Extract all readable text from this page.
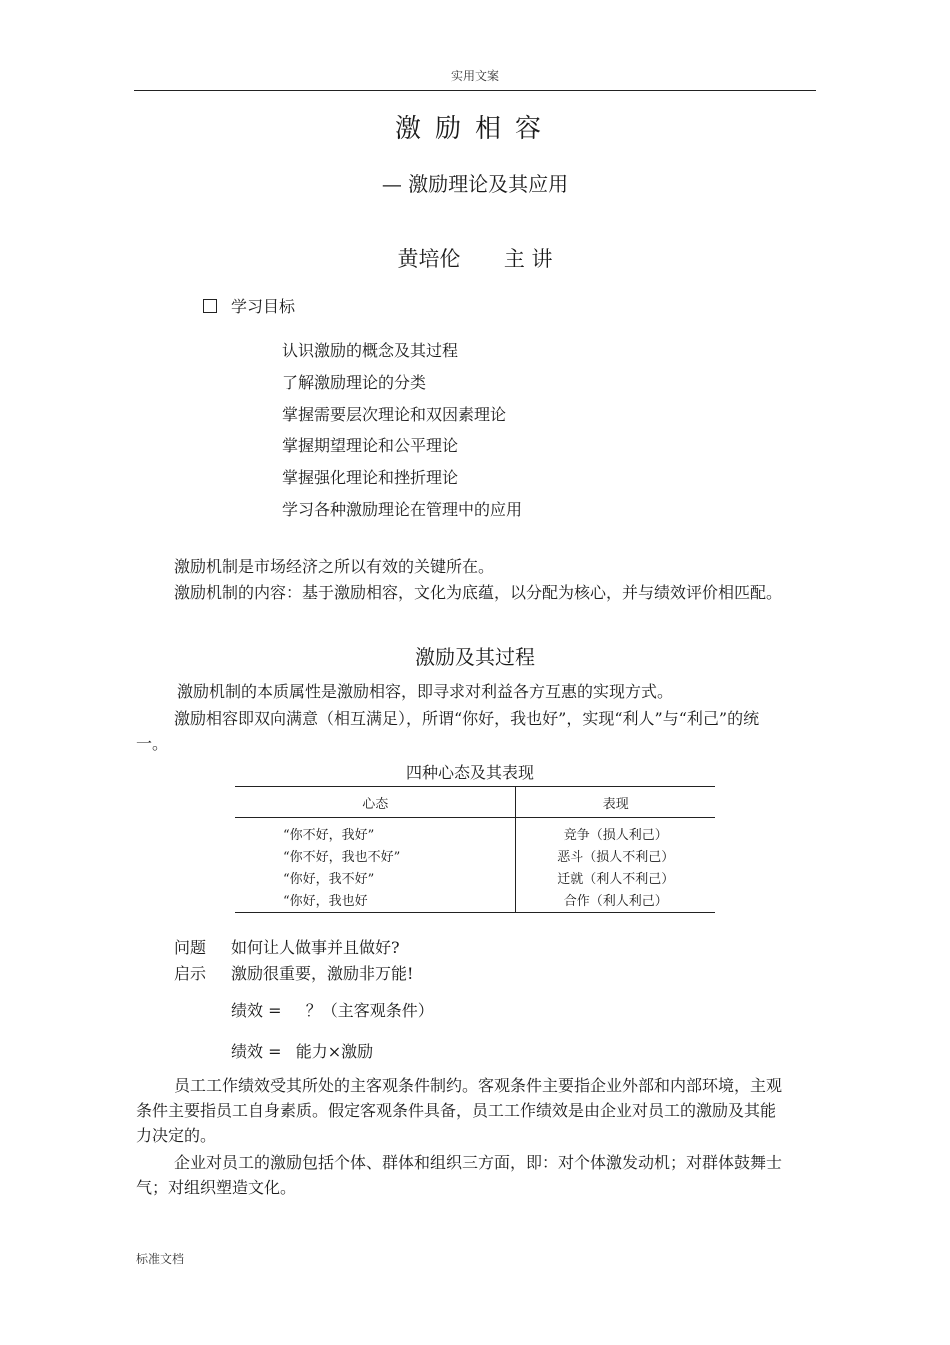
实用文案
激励相容
— 激励理论及其应用
黄培伦 主 讲
学习目标
认识激励的概念及其过程
了解激励理论的分类
掌握需要层次理论和双因素理论
掌握期望理论和公平理论
掌握强化理论和挫折理论
学习各种激励理论在管理中的应用

激励机制是市场经济之所以有效的关键所在。

激励机制的内容：基于激励相容，文化为底蕴，以分配为核心，并与绩效评价相匹配。

激励及其过程

激励机制的本质属性是激励相容，即寻求对利益各方互惠的实现方式。

激励相容即双向满意（相互满足），所谓“你好，我也好”，实现“利人”与“利己”的统一。

四种心态及其表现
心态	表现
“你不好，我好”	竞争（损人利己）
“你不好，我也不好”	恶斗（损人不利己）
“你好，我不好”	迁就（利人不利己）
“你好，我也好	合作（利人利己）
问题 如何让人做事并且做好?
启示 激励很重要，激励非万能!
绩效 = ？（主客观条件）
绩效 = 能力×激励

员工工作绩效受其所处的主客观条件制约。客观条件主要指企业外部和内部环境，主观条件主要指员工自身素质。假定客观条件具备，员工工作绩效是由企业对员工的激励及其能力决定的。

企业对员工的激励包括个体、群体和组织三方面，即：对个体激发动机；对群体鼓舞士气；对组织塑造文化。

标准文档
